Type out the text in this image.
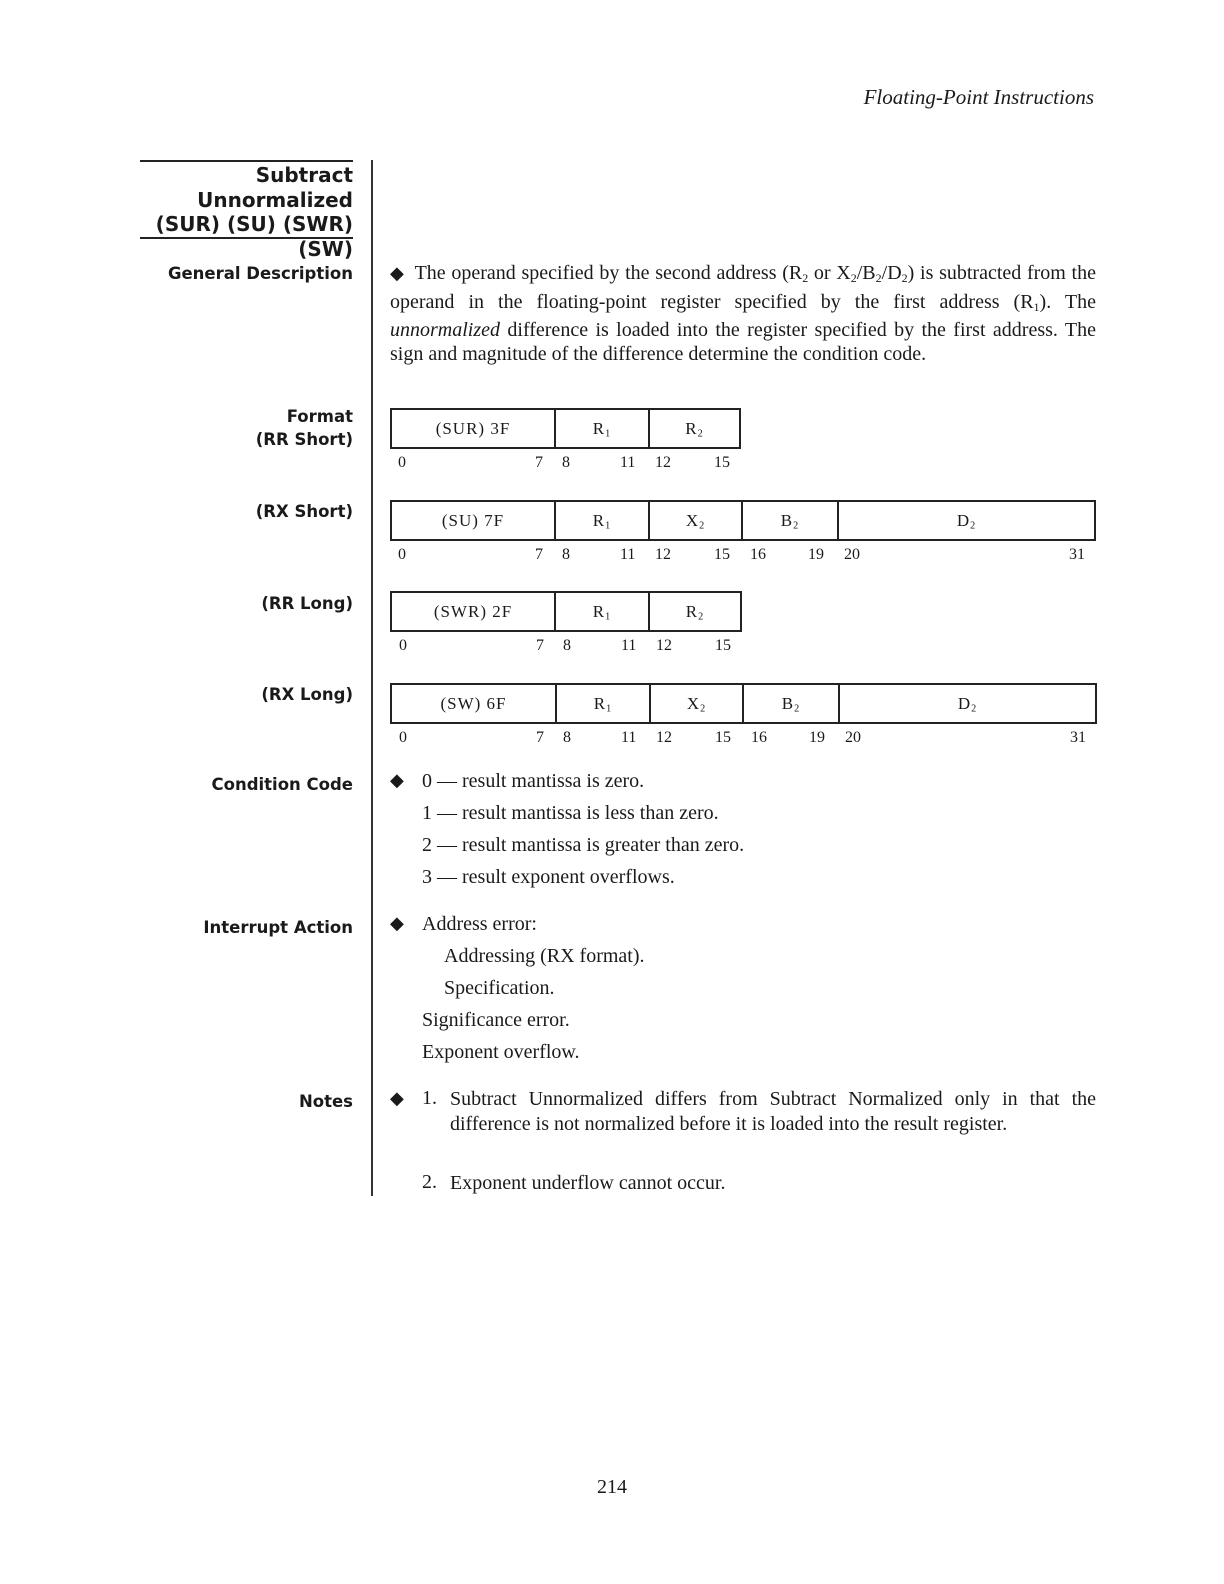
Floating-Point Instructions
Subtract
Unnormalized
(SUR) (SU) (SWR) (SW)
General Description ◆ The operand specified by the second address ($R_2$ or $X_2/B_2/D_2$) is subtracted from the operand in the floating-point register specified by the first address $(R_1)$. The unnormalized difference is loaded into the register specified by the first address. The sign and magnitude of the difference determine the condition code.
Format
(RR Short)
(RX Short)
(RR Long)
(RX Long)
(SUR) 3F	$R_1$	$R_2$
0	7 8	11 12	15
(SU) 7F	$R_1$	$X_2$	$B_2$	$D_2$
0	7 8	11 12	15 16	19 20	31
(SWR) 2F	$R_1$	$R_2$
0	7 8	11 12	15
(SW) 6F	$R_1$	$X_2$	$B_2$	$D_2$
0	7 8	11 12	15 16	19 20	31
Condition Code ◆ 0 — result mantissa is zero.
1 — result mantissa is less than zero.
2 — result mantissa is greater than zero.
3 — result exponent overflows.
Interrupt Action ◆ Address error:
Addressing (RX format).
Specification.
Significance error.
Exponent overflow.
Notes ◆ 1. Subtract Unnormalized differs from Subtract Normalized only in that the difference is not normalized before it is loaded into the result register.
2. Exponent underflow cannot occur.
214
